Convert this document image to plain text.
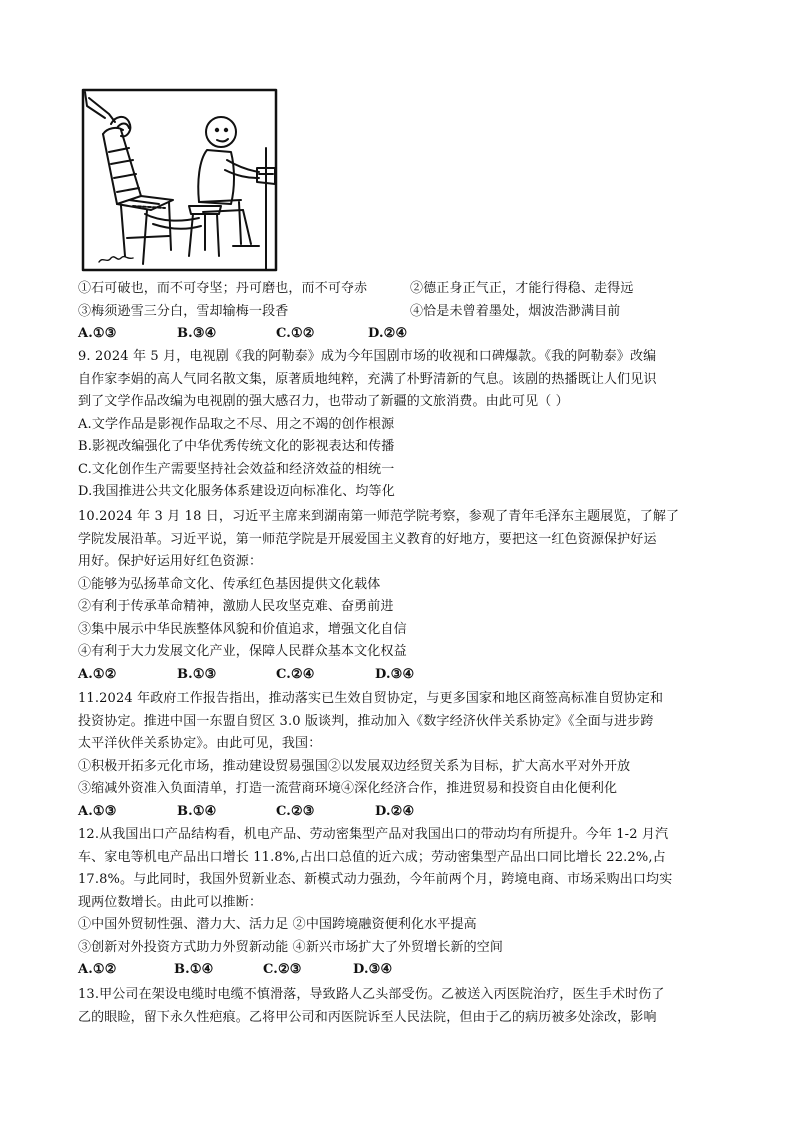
①石可破也，而不可夺坚；丹可磨也，而不可夺赤	②德正身正气正，才能行得稳、走得远
③梅须逊雪三分白，雪却输梅一段香	④恰是未曾着墨处，烟波浩渺满目前
A.①③	B.③④	C.①②	D.②④
9. 2024 年 5 月，电视剧《我的阿勒泰》成为今年国剧市场的收视和口碑爆款。《我的阿勒泰》改编
自作家李娟的高人气同名散文集，原著质地纯粹，充满了朴野清新的气息。该剧的热播既让人们见识
到了文学作品改编为电视剧的强大感召力，也带动了新疆的文旅消费。由此可见（ ）
A.文学作品是影视作品取之不尽、用之不竭的创作根源
B.影视改编强化了中华优秀传统文化的影视表达和传播
C.文化创作生产需要坚持社会效益和经济效益的相统一
D.我国推进公共文化服务体系建设迈向标准化、均等化
10.2024 年 3 月 18 日，习近平主席来到湖南第一师范学院考察，参观了青年毛泽东主题展览，了解了
学院发展沿革。习近平说，第一师范学院是开展爱国主义教育的好地方，要把这一红色资源保护好运
用好。保护好运用好红色资源：
①能够为弘扬革命文化、传承红色基因提供文化载体
②有利于传承革命精神，激励人民攻坚克难、奋勇前进
③集中展示中华民族整体风貌和价值追求，增强文化自信
④有利于大力发展文化产业，保障人民群众基本文化权益
A.①②	B.①③	C.②④	D.③④
11.2024 年政府工作报告指出，推动落实已生效自贸协定，与更多国家和地区商签高标准自贸协定和
投资协定。推进中国一东盟自贸区 3.0 版谈判，推动加入《数字经济伙伴关系协定》《全面与进步跨
太平洋伙伴关系协定》。由此可见，我国：
①积极开拓多元化市场，推动建设贸易强国②以发展双边经贸关系为目标，扩大高水平对外开放
③缩减外资准入负面清单，打造一流营商环境④深化经济合作，推进贸易和投资自由化便利化
A.①③	B.①④	C.②③	D.②④
12.从我国出口产品结构看，机电产品、劳动密集型产品对我国出口的带动均有所提升。今年 1-2 月汽
车、家电等机电产品出口增长 11.8%,占出口总值的近六成；劳动密集型产品出口同比增长 22.2%,占
17.8%。与此同时，我国外贸新业态、新模式动力强劲，今年前两个月，跨境电商、市场采购出口均实
现两位数增长。由此可以推断：
①中国外贸韧性强、潜力大、活力足 ②中国跨境融资便利化水平提高
③创新对外投资方式助力外贸新动能 ④新兴市场扩大了外贸增长新的空间
A.①②	B.①④	C.②③	D.③④
13.甲公司在架设电缆时电缆不慎滑落，导致路人乙头部受伤。乙被送入丙医院治疗，医生手术时伤了
乙的眼睑，留下永久性疤痕。乙将甲公司和丙医院诉至人民法院，但由于乙的病历被多处涂改，影响
